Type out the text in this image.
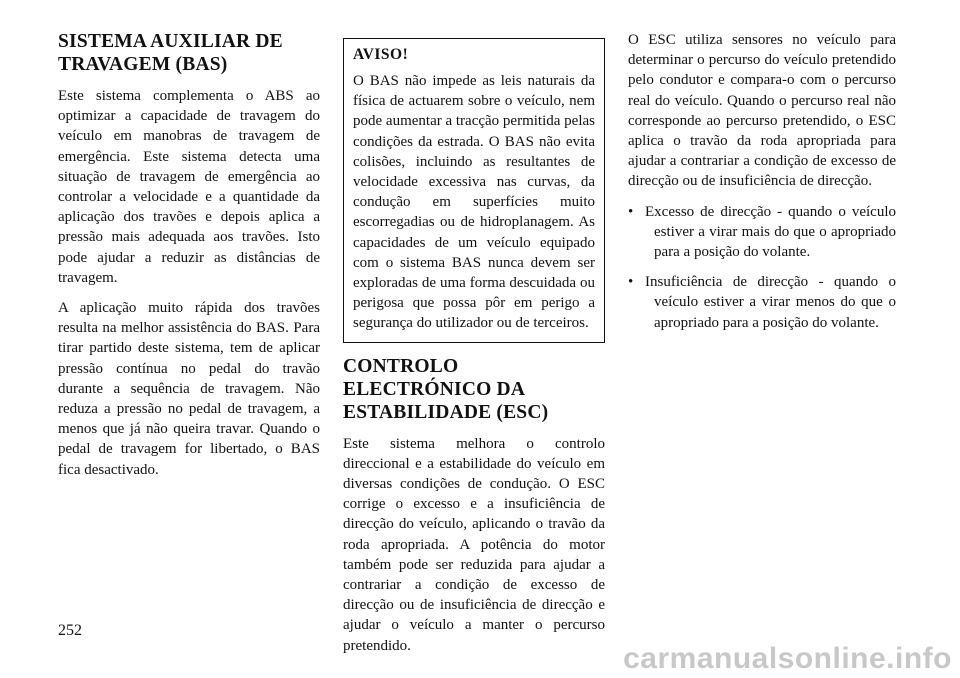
SISTEMA AUXILIAR DE TRAVAGEM (BAS)

Este sistema complementa o ABS ao optimizar a capacidade de travagem do veículo em manobras de travagem de emergência. Este sistema detecta uma situação de travagem de emergência ao controlar a velocidade e a quantidade da aplicação dos travões e depois aplica a pressão mais adequada aos travões. Isto pode ajudar a reduzir as distâncias de travagem.

A aplicação muito rápida dos travões resulta na melhor assistência do BAS. Para tirar partido deste sistema, tem de aplicar pressão contínua no pedal do travão durante a sequência de travagem. Não reduza a pressão no pedal de travagem, a menos que já não queira travar. Quando o pedal de travagem for libertado, o BAS fica desactivado.

AVISO!

O BAS não impede as leis naturais da física de actuarem sobre o veículo, nem pode aumentar a tracção permitida pelas condições da estrada. O BAS não evita colisões, incluindo as resultantes de velocidade excessiva nas curvas, da condução em superfícies muito escorregadias ou de hidroplanagem. As capacidades de um veículo equipado com o sistema BAS nunca devem ser exploradas de uma forma descuidada ou perigosa que possa pôr em perigo a segurança do utilizador ou de terceiros.

CONTROLO ELECTRÓNICO DA ESTABILIDADE (ESC)

Este sistema melhora o controlo direccional e a estabilidade do veículo em diversas condições de condução. O ESC corrige o excesso e a insuficiência de direcção do veículo, aplicando o travão da roda apropriada. A potência do motor também pode ser reduzida para ajudar a contrariar a condição de excesso de direcção ou de insuficiência de direcção e ajudar o veículo a manter o percurso pretendido.

O ESC utiliza sensores no veículo para determinar o percurso do veículo pretendido pelo condutor e compara-o com o percurso real do veículo. Quando o percurso real não corresponde ao percurso pretendido, o ESC aplica o travão da roda apropriada para ajudar a contrariar a condição de excesso de direcção ou de insuficiência de direcção.

• Excesso de direcção - quando o veículo estiver a virar mais do que o apropriado para a posição do volante.
• Insuficiência de direcção - quando o veículo estiver a virar menos do que o apropriado para a posição do volante.
252
carmanualsonline.info
